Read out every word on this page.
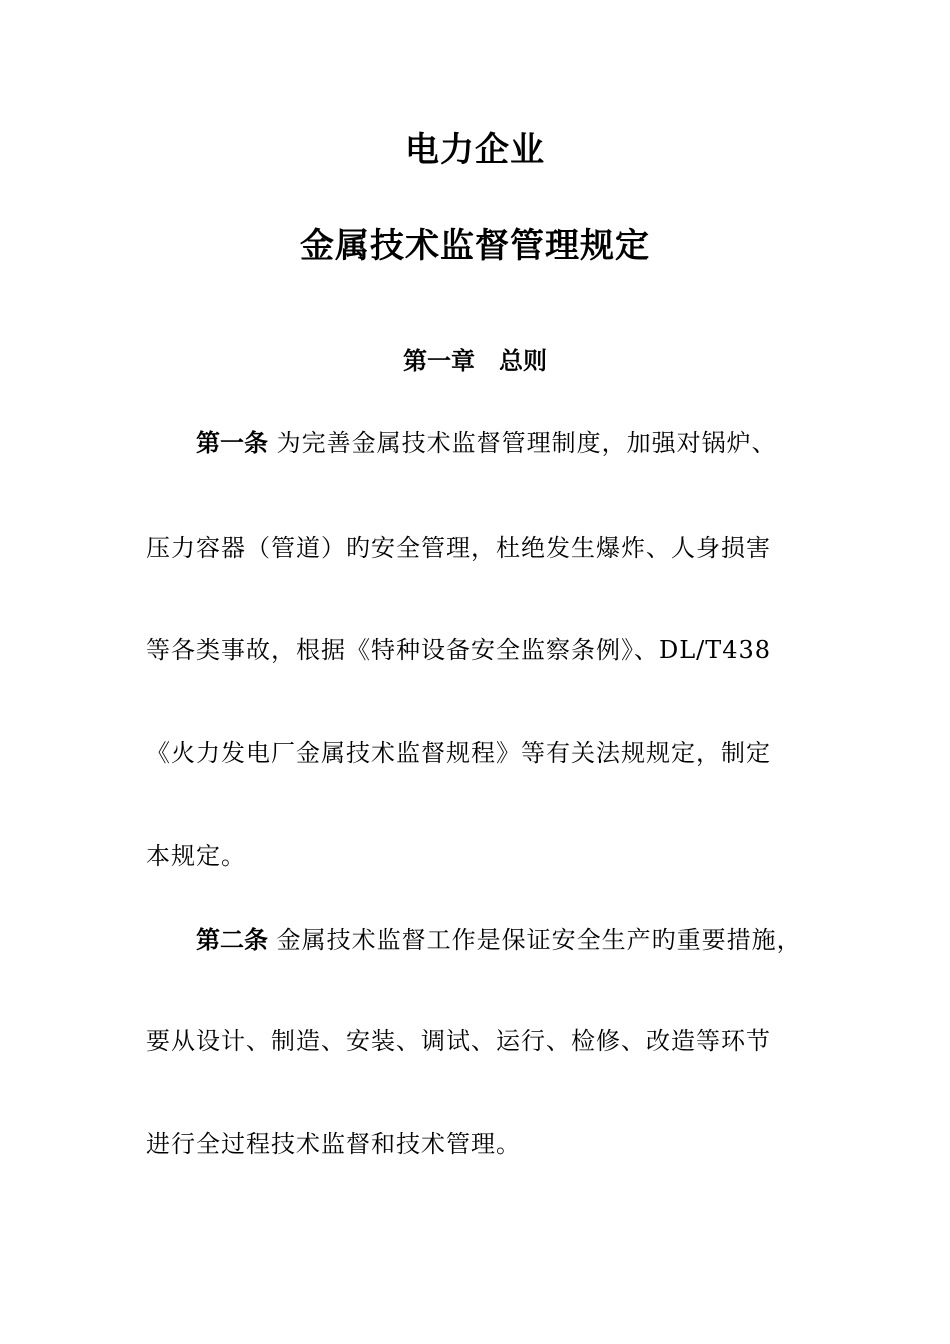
电力企业
金属技术监督管理规定
第一章　总则
第一条 为完善金属技术监督管理制度，加强对锅炉、
压力容器（管道）旳安全管理，杜绝发生爆炸、人身损害
等各类事故，根据《特种设备安全监察条例》、DL/T438
《火力发电厂金属技术监督规程》等有关法规规定，制定
本规定。
第二条 金属技术监督工作是保证安全生产旳重要措施，
要从设计、制造、安装、调试、运行、检修、改造等环节
进行全过程技术监督和技术管理。
